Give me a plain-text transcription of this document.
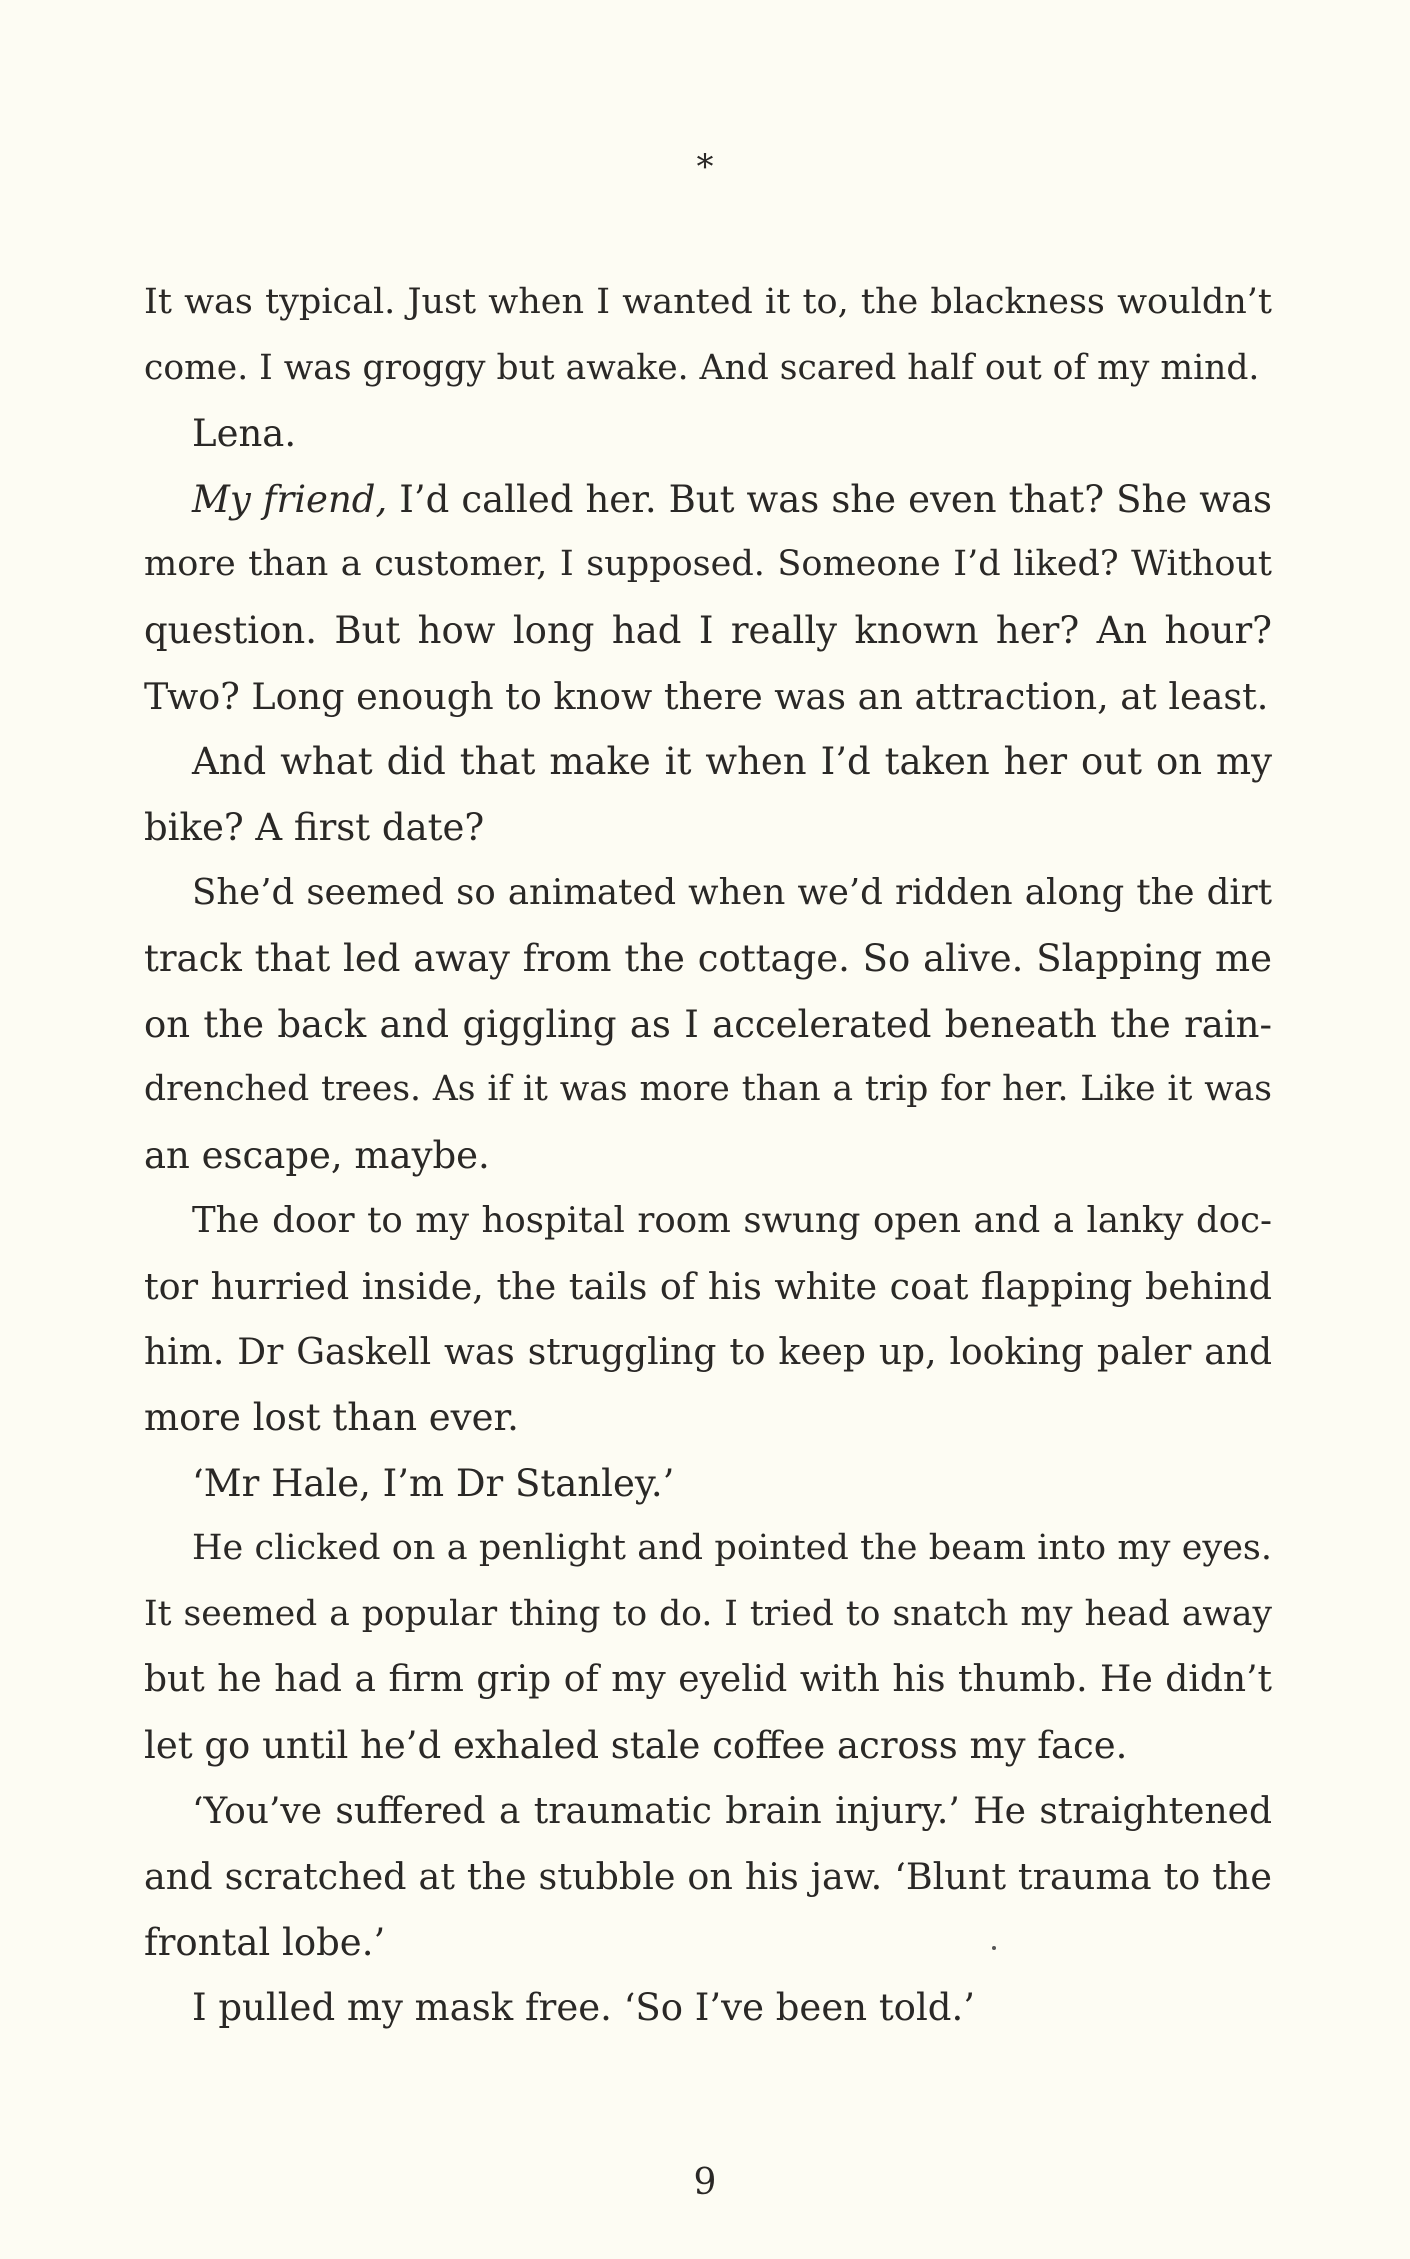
*
It was typical. Just when I wanted it to, the blackness wouldn’t
come. I was groggy but awake. And scared half out of my mind.
Lena.
My friend, I’d called her. But was she even that? She was
more than a customer, I supposed. Someone I’d liked? Without
question. But how long had I really known her? An hour?
Two? Long enough to know there was an attraction, at least.
And what did that make it when I’d taken her out on my
bike? A first date?
She’d seemed so animated when we’d ridden along the dirt
track that led away from the cottage. So alive. Slapping me
on the back and giggling as I accelerated beneath the rain-
drenched trees. As if it was more than a trip for her. Like it was
an escape, maybe.
The door to my hospital room swung open and a lanky doc-
tor hurried inside, the tails of his white coat flapping behind
him. Dr Gaskell was struggling to keep up, looking paler and
more lost than ever.
‘Mr Hale, I’m Dr Stanley.’
He clicked on a penlight and pointed the beam into my eyes.
It seemed a popular thing to do. I tried to snatch my head away
but he had a firm grip of my eyelid with his thumb. He didn’t
let go until he’d exhaled stale coffee across my face.
‘You’ve suffered a traumatic brain injury.’ He straightened
and scratched at the stubble on his jaw. ‘Blunt trauma to the
frontal lobe.’
I pulled my mask free. ‘So I’ve been told.’
9
